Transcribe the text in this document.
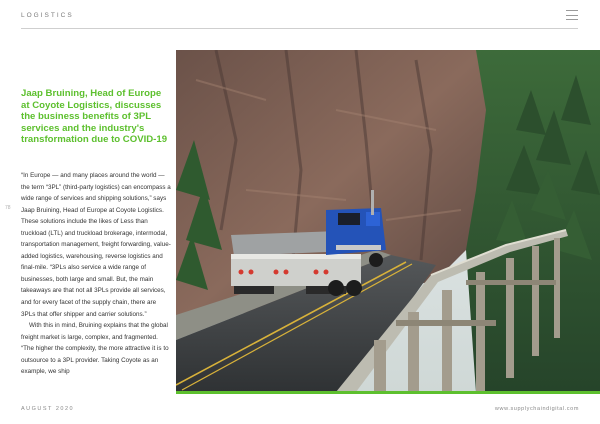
LOGISTICS
Jaap Bruining, Head of Europe at Coyote Logistics, discusses the business benefits of 3PL services and the industry's transformation due to COVID-19

“In Europe — and many places around the world — the term “3PL” (third-party logistics) can encompass a wide range of services and shipping solutions,” says Jaap Bruining, Head of Europe at Coyote Logistics. These solutions include the likes of Less than truckload (LTL) and truckload brokerage, intermodal, transportation management, freight forwarding, value-added logistics, warehousing, reverse logistics and final-mile. “3PLs also service a wide range of businesses, both large and small. But, the main takeaways are that not all 3PLs provide all services, and for every facet of the supply chain, there are 3PLs that offer shipper and carrier solutions.”

With this in mind, Bruining explains that the global freight market is large, complex, and fragmented. “The higher the complexity, the more attractive it is to outsource to a 3PL provider. Taking Coyote as an example, we ship

78
AUGUST 2020	www.supplychaindigital.com
